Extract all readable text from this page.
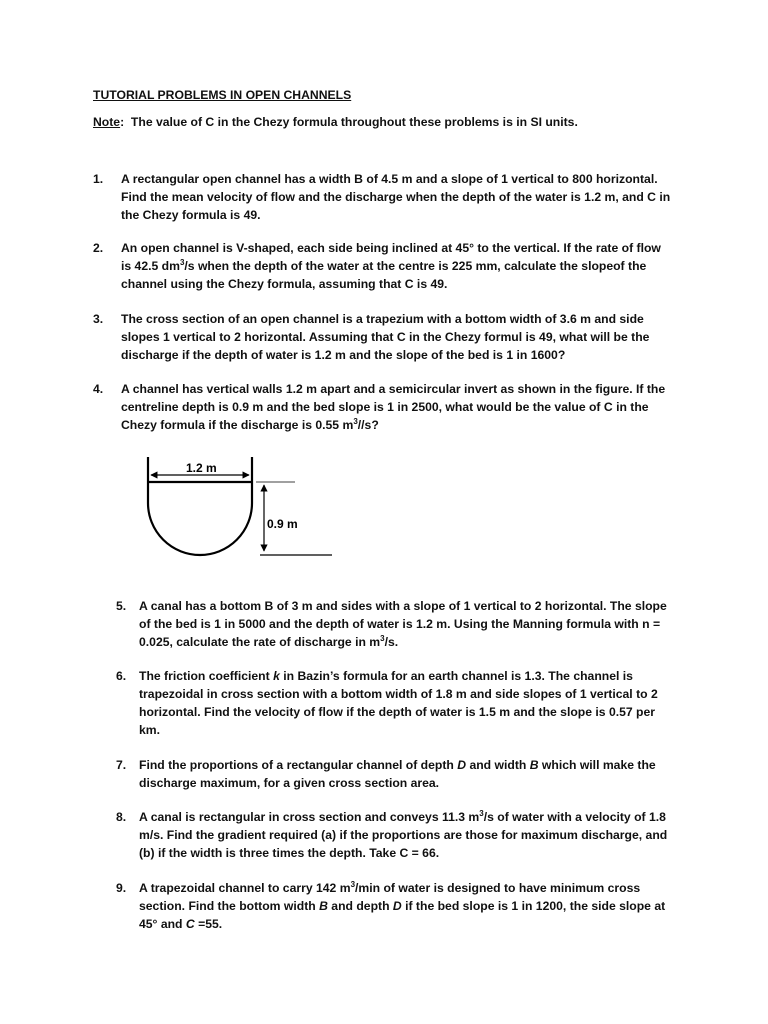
TUTORIAL PROBLEMS IN OPEN CHANNELS
Note:  The value of C in the Chezy formula throughout these problems is in SI units.
1. A rectangular open channel has a width B of 4.5 m and a slope of 1 vertical to 800 horizontal. Find the mean velocity of flow and the discharge when the depth of the water is 1.2 m, and C in the Chezy formula is 49.
2. An open channel is V-shaped, each side being inclined at 45° to the vertical. If the rate of flow is 42.5 $dm^3/s$ when the depth of the water at the centre is 225 mm, calculate the slopeof the channel using the Chezy formula, assuming that C is 49.
3. The cross section of an open channel is a trapezium with a bottom width of 3.6 m and side slopes 1 vertical to 2 horizontal. Assuming that C in the Chezy formul is 49, what will be the discharge if the depth of water is 1.2 m and the slope of the bed is 1 in 1600?
4. A channel has vertical walls 1.2 m apart and a semicircular invert as shown in the figure. If the centreline depth is 0.9 m and the bed slope is 1 in 2500, what would be the value of C in the Chezy formula if the discharge is 0.55 $m^3//s$?
1.2 m
0.9 m
5. A canal has a bottom B of 3 m and sides with a slope of 1 vertical to 2 horizontal. The slope of the bed is 1 in 5000 and the depth of water is 1.2 m. Using the Manning formula with n = 0.025, calculate the rate of discharge in $m^3/s$.
6. The friction coefficient k in Bazin’s formula for an earth channel is 1.3. The channel is trapezoidal in cross section with a bottom width of 1.8 m and side slopes of 1 vertical to 2 horizontal. Find the velocity of flow if the depth of water is 1.5 m and the slope is 0.57 per km.
7. Find the proportions of a rectangular channel of depth D and width B which will make the discharge maximum, for a given cross section area.
8. A canal is rectangular in cross section and conveys 11.3 $m^3/s$ of water with a velocity of 1.8 m/s. Find the gradient required (a) if the proportions are those for maximum discharge, and (b) if the width is three times the depth. Take C = 66.
9. A trapezoidal channel to carry 142 $m^3/\min$ of water is designed to have minimum cross section. Find the bottom width B and depth D if the bed slope is 1 in 1200, the side slope at 45° and C =55.
